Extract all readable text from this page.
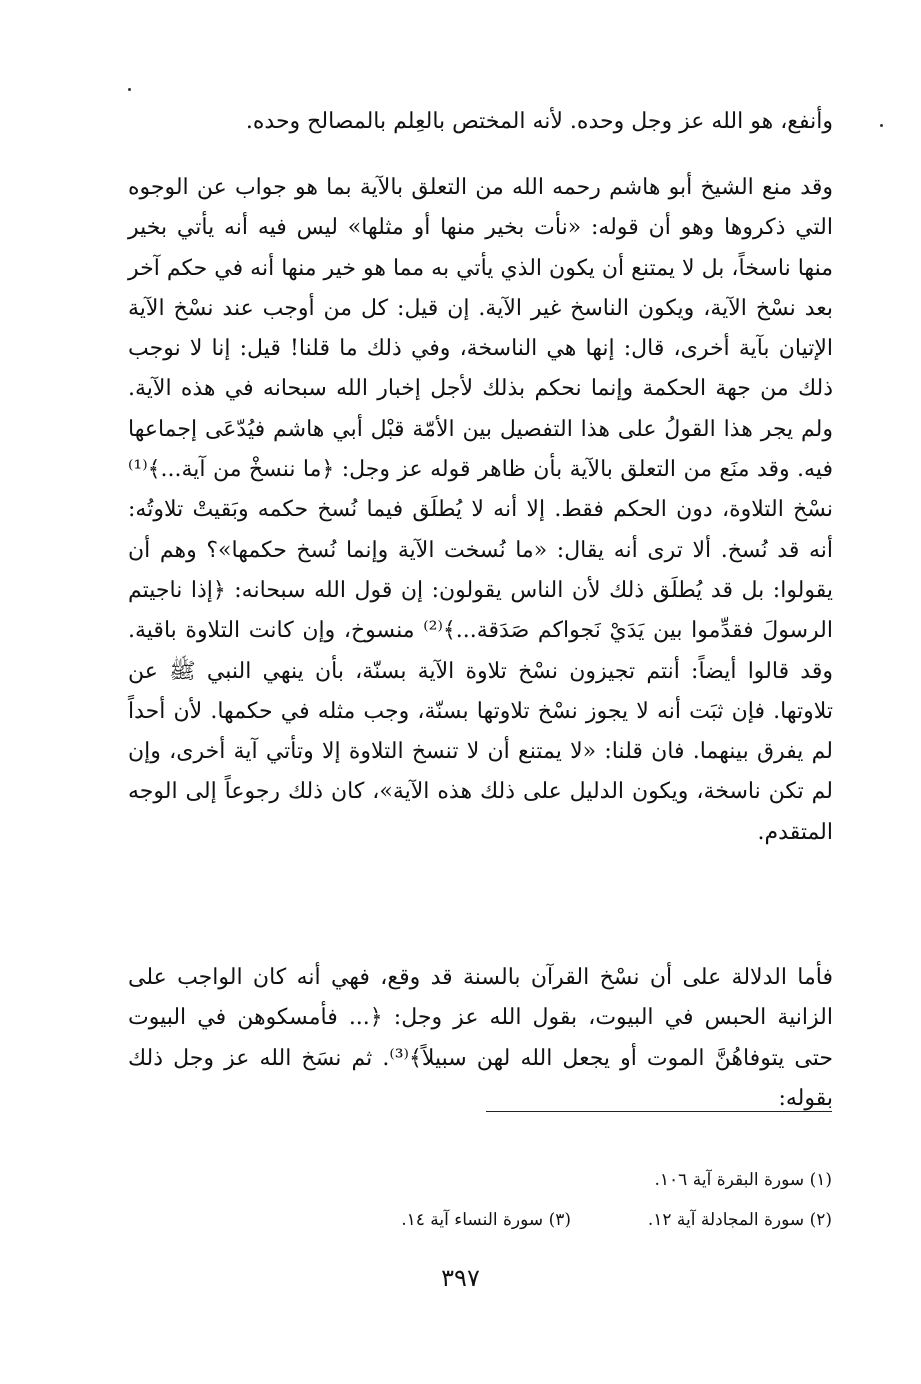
وأنفع، هو الله عز وجل وحده. لأنه المختص بالعِلم بالمصالح وحده.
وقد منع الشيخ أبو هاشم رحمه الله من التعلق بالآية بما هو جواب عن الوجوه التي ذكروها وهو أن قوله: «نأت بخير منها أو مثلها» ليس فيه أنه يأتي بخير منها ناسخاً، بل لا يمتنع أن يكون الذي يأتي به مما هو خير منها أنه في حكم آخر بعد نسْخ الآية، ويكون الناسخ غير الآية. إن قيل: كل من أوجب عند نسْخ الآية الإتيان بآية أخرى، قال: إنها هي الناسخة، وفي ذلك ما قلنا! قيل: إنا لا نوجب ذلك من جهة الحكمة وإنما نحكم بذلك لأجل إخبار الله سبحانه في هذه الآية. ولم يجر هذا القولُ على هذا التفصيل بين الأمّة قبْل أبي هاشم فيُدّعَى إجماعها فيه. وقد منَع من التعلق بالآية بأن ظاهر قوله عز وجل: ﴿ما ننسخْ من آية...﴾⁽¹⁾ نسْخ التلاوة، دون الحكم فقط. إلا أنه لا يُطلَق فيما نُسخ حكمه وبَقيتْ تلاوتُه: أنه قد نُسخ. ألا ترى أنه يقال: «ما نُسخت الآية وإنما نُسخ حكمها»؟ وهم أن يقولوا: بل قد يُطلَق ذلك لأن الناس يقولون: إن قول الله سبحانه: ﴿إذا ناجيتم الرسولَ فقدِّموا بين يَدَيْ نَجواكم صَدَقة...﴾⁽²⁾ منسوخ، وإن كانت التلاوة باقية. وقد قالوا أيضاً: أنتم تجيزون نسْخ تلاوة الآية بسنّة، بأن ينهي النبي ﷺ عن تلاوتها. فإن ثبَت أنه لا يجوز نسْخ تلاوتها بسنّة، وجب مثله في حكمها. لأن أحداً لم يفرق بينهما. فان قلنا: «لا يمتنع أن لا تنسخ التلاوة إلا وتأتي آية أخرى، وإن لم تكن ناسخة، ويكون الدليل على ذلك هذه الآية»، كان ذلك رجوعاً إلى الوجه المتقدم.
فأما الدلالة على أن نسْخ القرآن بالسنة قد وقع، فهي أنه كان الواجب على الزانية الحبس في البيوت، بقول الله عز وجل: ﴿... فأمسكوهن في البيوت حتى يتوفاهُنَّ الموت أو يجعل الله لهن سبيلاً﴾⁽³⁾. ثم نسَخ الله عز وجل ذلك بقوله:
(١) سورة البقرة آية ١٠٦.
(٢) سورة المجادلة آية ١٢.
(٣) سورة النساء آية ١٤.
٣٩٧
